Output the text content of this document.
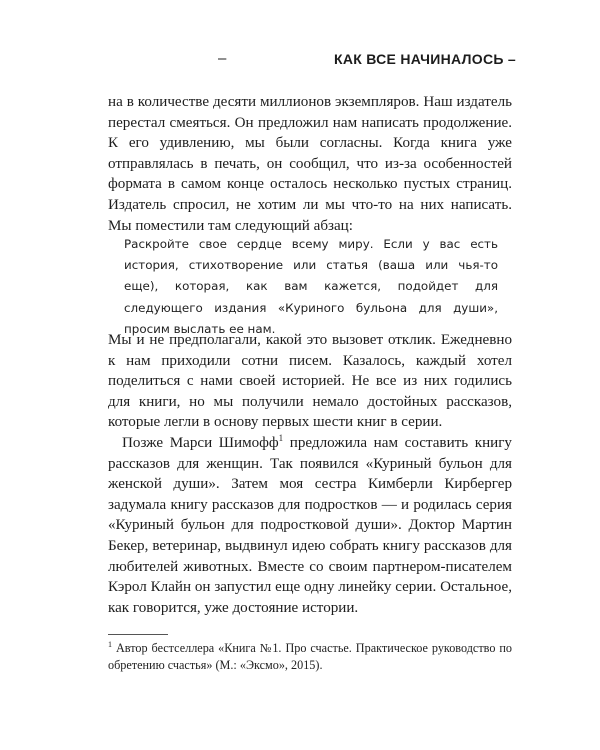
–	КАК ВСЕ НАЧИНАЛОСЬ –

на в количестве десяти миллионов экземпляров. Наш издатель перестал смеяться. Он предложил нам написать продолжение. К его удивлению, мы были согласны. Когда книга уже отправлялась в печать, он сообщил, что из-за особенностей формата в самом конце осталось несколько пустых страниц. Издатель спросил, не хотим ли мы что-то на них написать. Мы поместили там следующий абзац:

Раскройте свое сердце всему миру. Если у вас есть история, стихотворение или статья (ваша или чья-то еще), которая, как вам кажется, подойдет для следующего издания «Куриного бульона для души», просим выслать ее нам.

Мы и не предполагали, какой это вызовет отклик. Ежедневно к нам приходили сотни писем. Казалось, каждый хотел поделиться с нами своей историей. Не все из них годились для книги, но мы получили немало достойных рассказов, которые легли в основу первых шести книг в серии.

Позже Марси Шимофф$^1$ предложила нам составить книгу рассказов для женщин. Так появился «Куриный бульон для женской души». Затем моя сестра Кимберли Кирбергер задумала книгу рассказов для подростков — и родилась серия «Куриный бульон для подростковой души». Доктор Мартин Бекер, ветеринар, выдвинул идею собрать книгу рассказов для любителей животных. Вместе со своим партнером-писателем Кэрол Клайн он запустил еще одну линейку серии. Остальное, как говорится, уже достояние истории.

$^1$ Автор бестселлера «Книга №1. Про счастье. Практическое руководство по обретению счастья» (М.: «Эксмо», 2015).
